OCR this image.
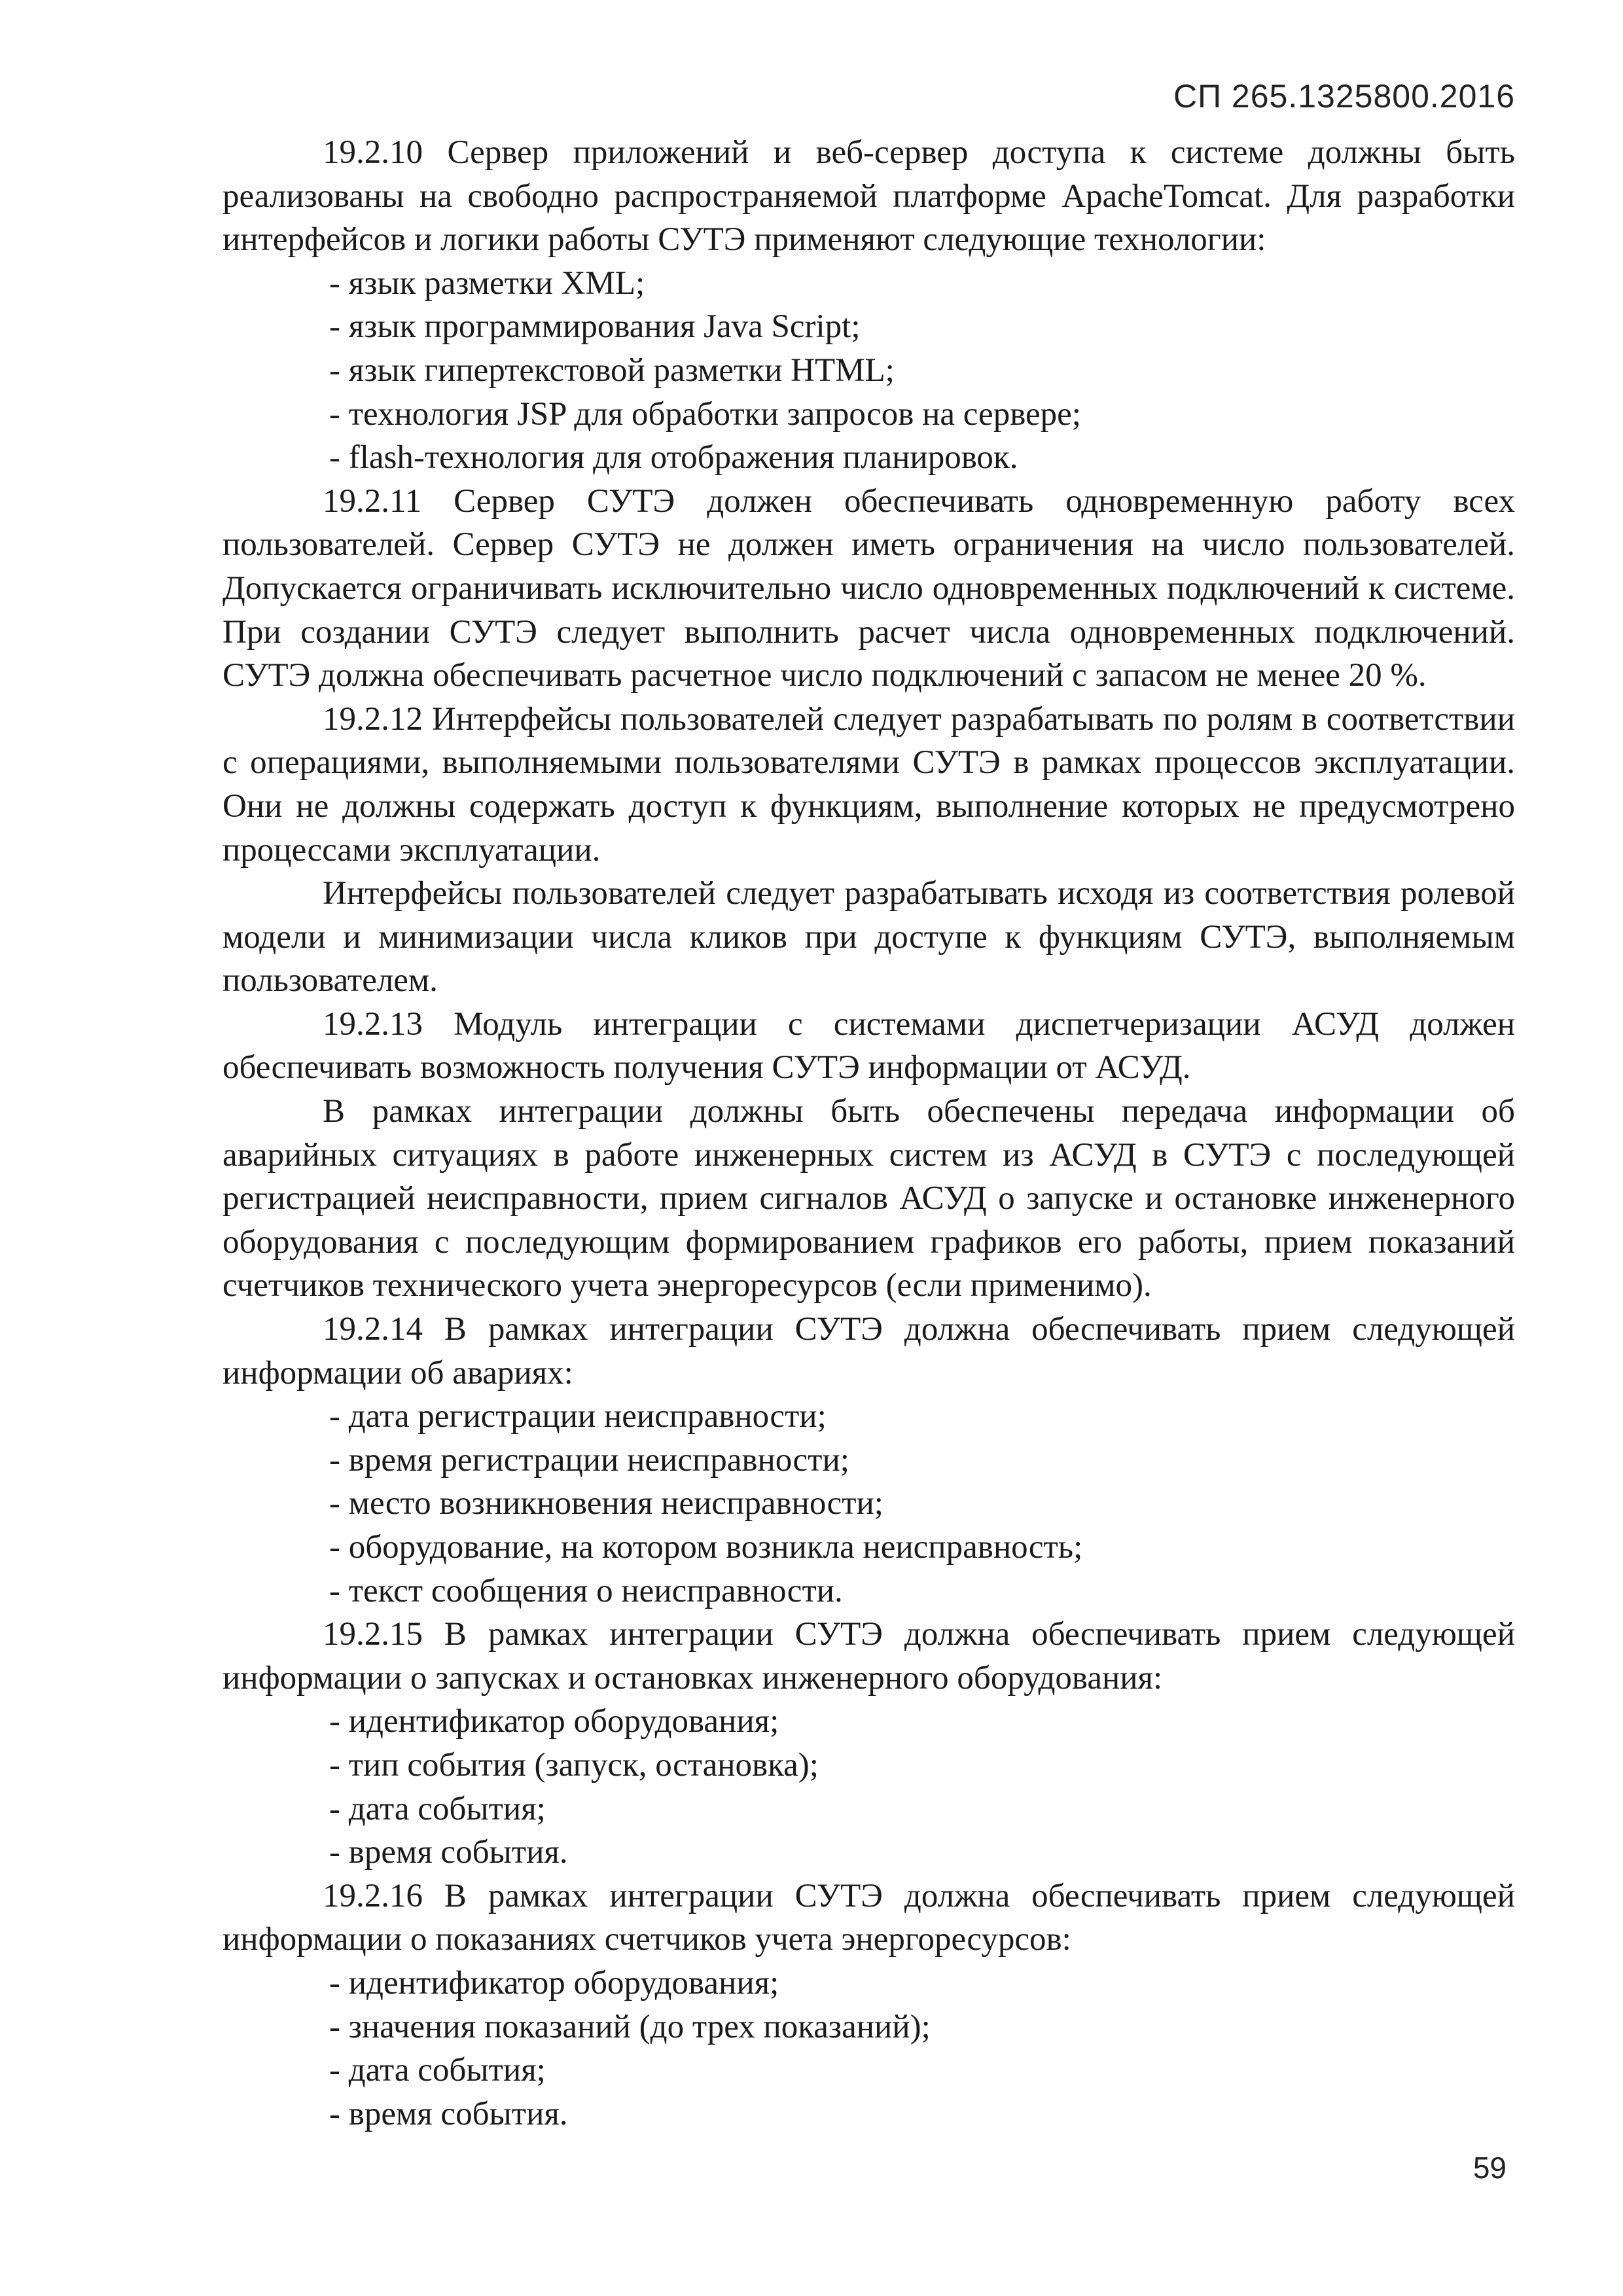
СП 265.1325800.2016

19.2.10 Сервер приложений и веб-сервер доступа к системе должны быть реализованы на свободно распространяемой платформе ApacheTomcat. Для разработки интерфейсов и логики работы СУТЭ применяют следующие технологии:

- язык разметки XML;

- язык программирования Java Script;

- язык гипертекстовой разметки HTML;

- технология JSP для обработки запросов на сервере;

- flash-технология для отображения планировок.

19.2.11 Сервер СУТЭ должен обеспечивать одновременную работу всех пользователей. Сервер СУТЭ не должен иметь ограничения на число пользователей. Допускается ограничивать исключительно число одновременных подключений к системе. При создании СУТЭ следует выполнить расчет числа одновременных подключений. СУТЭ должна обеспечивать расчетное число подключений с запасом не менее 20 %.

19.2.12 Интерфейсы пользователей следует разрабатывать по ролям в соответствии с операциями, выполняемыми пользователями СУТЭ в рамках процессов эксплуатации. Они не должны содержать доступ к функциям, выполнение которых не предусмотрено процессами эксплуатации.

Интерфейсы пользователей следует разрабатывать исходя из соответствия ролевой модели и минимизации числа кликов при доступе к функциям СУТЭ, выполняемым пользователем.

19.2.13 Модуль интеграции с системами диспетчеризации АСУД должен обеспечивать возможность получения СУТЭ информации от АСУД.

В рамках интеграции должны быть обеспечены передача информации об аварийных ситуациях в работе инженерных систем из АСУД в СУТЭ с последующей регистрацией неисправности, прием сигналов АСУД о запуске и остановке инженерного оборудования с последующим формированием графиков его работы, прием показаний счетчиков технического учета энергоресурсов (если применимо).

19.2.14 В рамках интеграции СУТЭ должна обеспечивать прием следующей информации об авариях:

- дата регистрации неисправности;

- время регистрации неисправности;

- место возникновения неисправности;

- оборудование, на котором возникла неисправность;

- текст сообщения о неисправности.

19.2.15 В рамках интеграции СУТЭ должна обеспечивать прием следующей информации о запусках и остановках инженерного оборудования:

- идентификатор оборудования;

- тип события (запуск, остановка);

- дата события;

- время события.

19.2.16 В рамках интеграции СУТЭ должна обеспечивать прием следующей информации о показаниях счетчиков учета энергоресурсов:

- идентификатор оборудования;

- значения показаний (до трех показаний);

- дата события;

- время события.

59
